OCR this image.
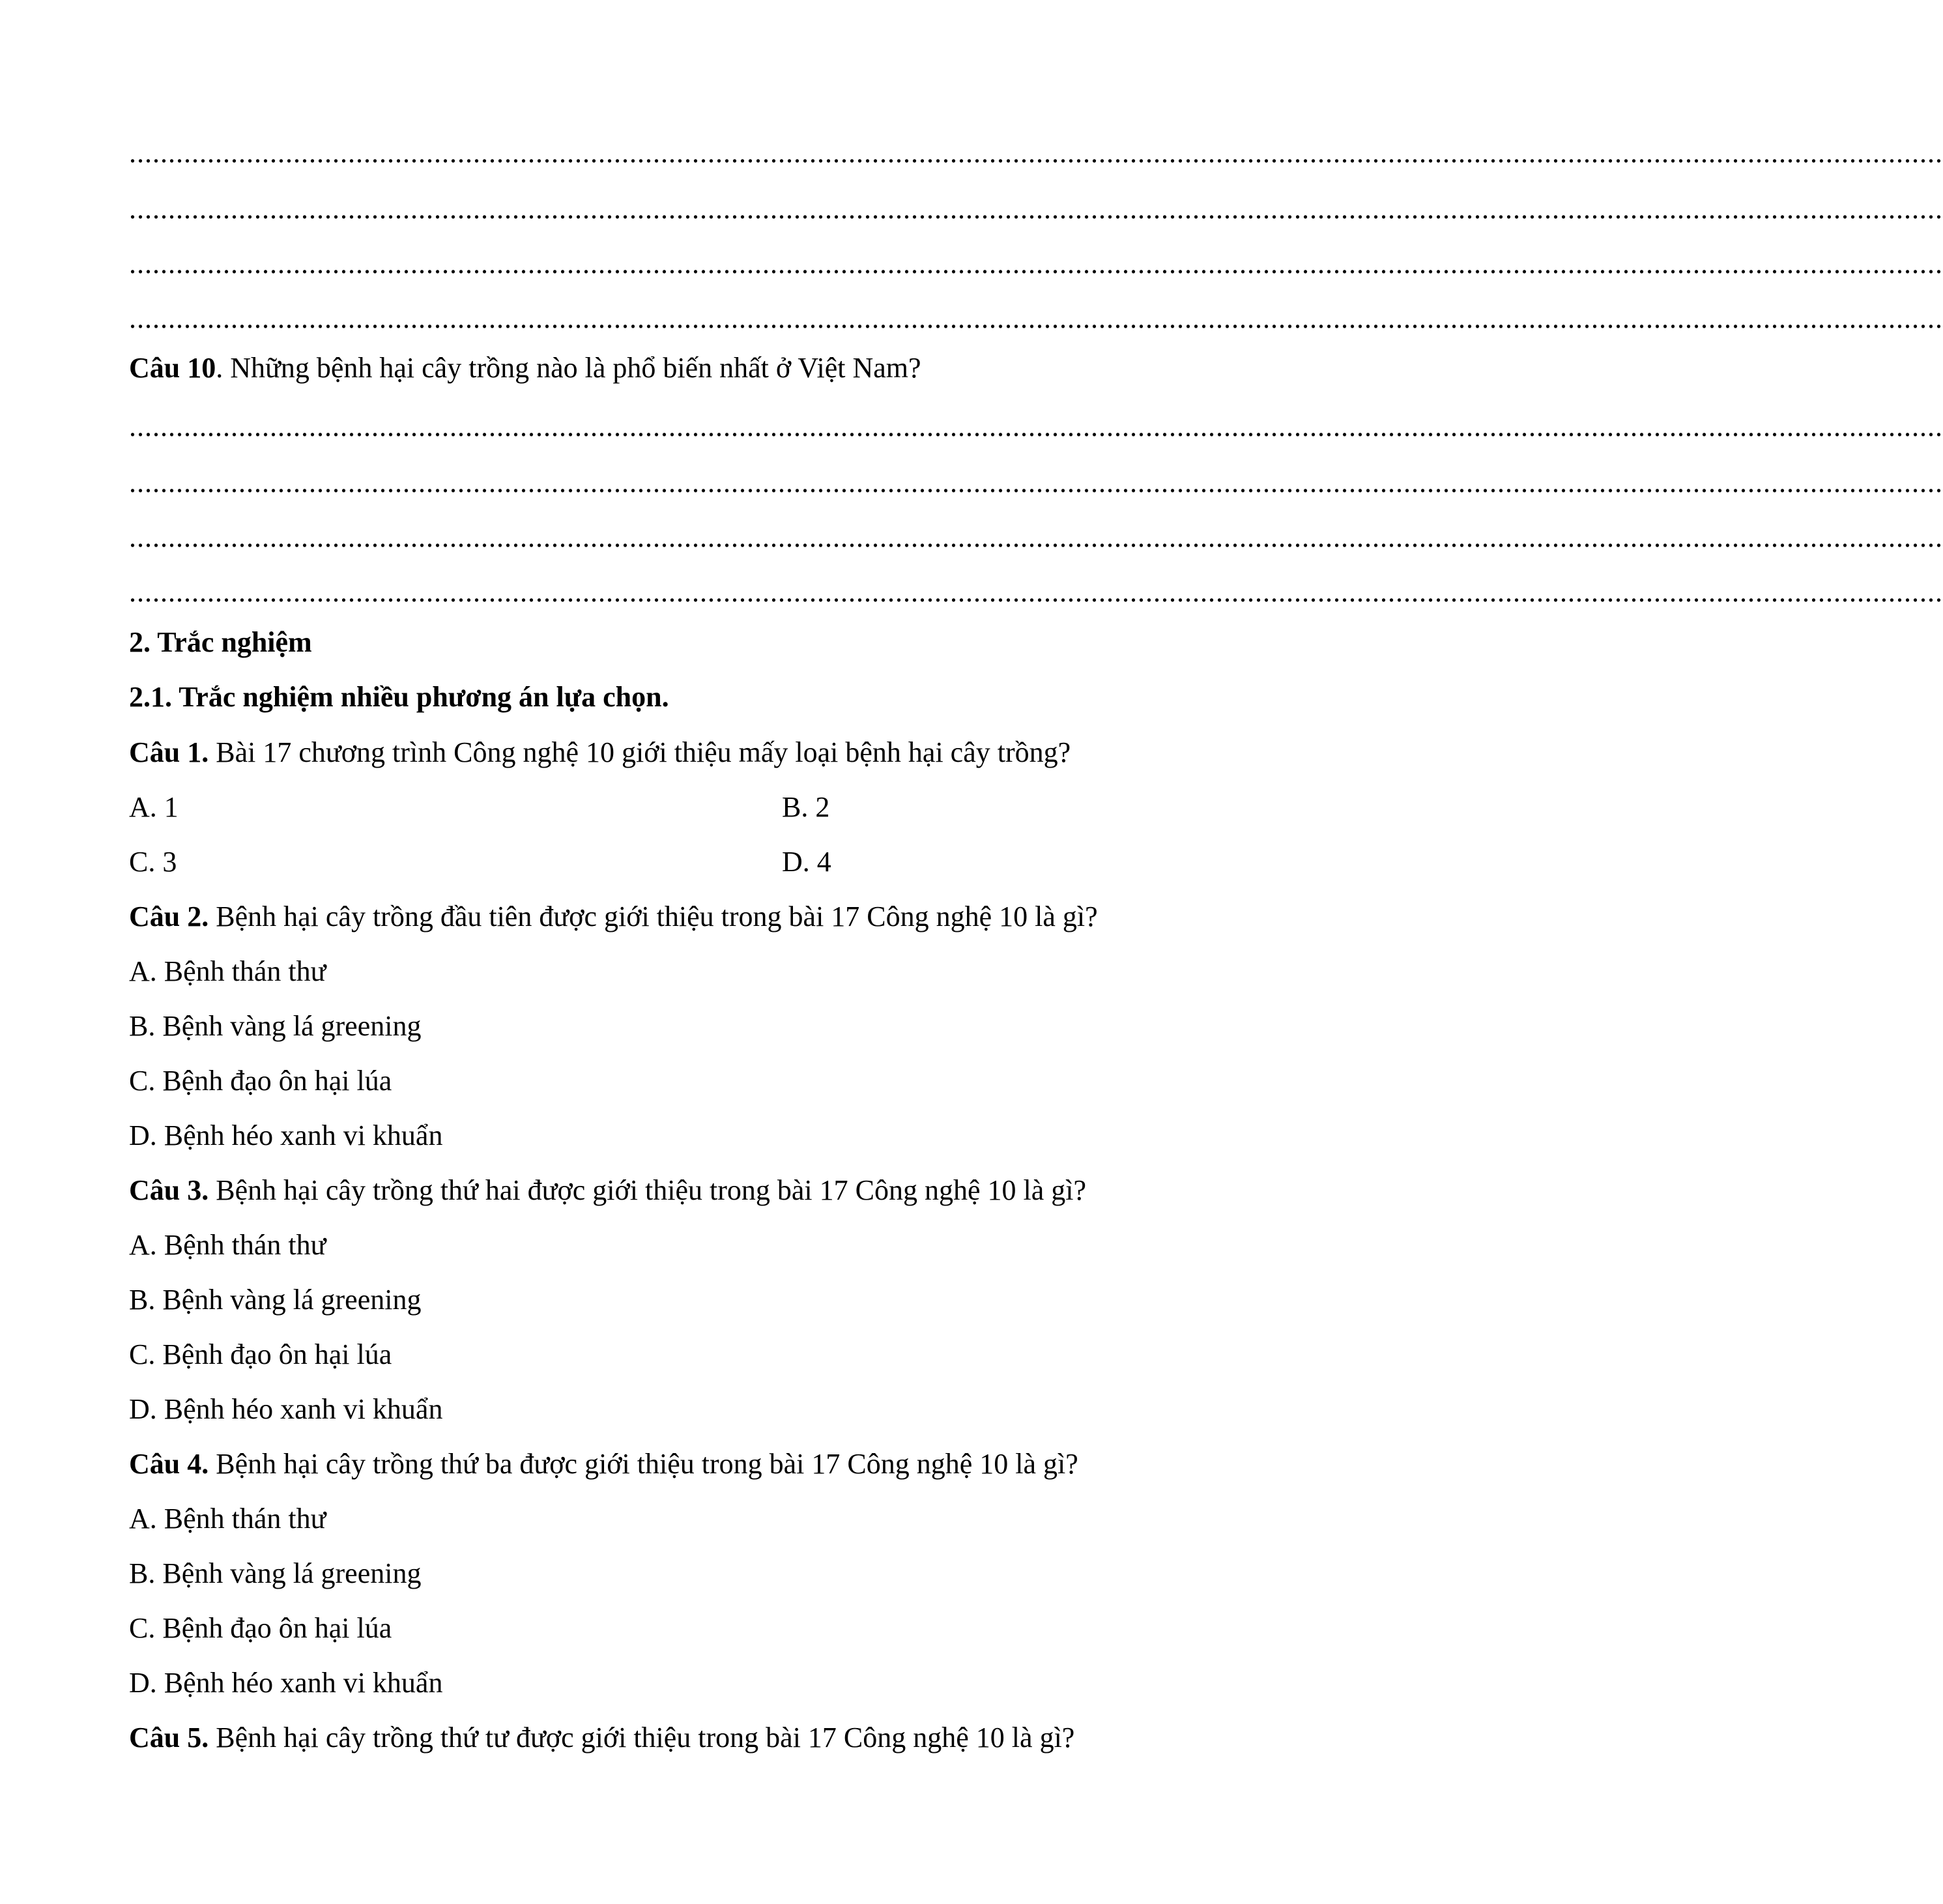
........................................................................................................................................................................................................................................
........................................................................................................................................................................................................................................
........................................................................................................................................................................................................................................
........................................................................................................................................................................................................................................
Câu 10. Những bệnh hại cây trồng nào là phổ biến nhất ở Việt Nam?
........................................................................................................................................................................................................................................
........................................................................................................................................................................................................................................
........................................................................................................................................................................................................................................
........................................................................................................................................................................................................................................
2. Trắc nghiệm
2.1. Trắc nghiệm nhiều phương án lựa chọn.
Câu 1. Bài 17 chương trình Công nghệ 10 giới thiệu mấy loại bệnh hại cây trồng?
A. 1	B. 2
C. 3	D. 4
Câu 2. Bệnh hại cây trồng đầu tiên được giới thiệu trong bài 17 Công nghệ 10 là gì?
A. Bệnh thán thư
B. Bệnh vàng lá greening
C. Bệnh đạo ôn hại lúa
D. Bệnh héo xanh vi khuẩn
Câu 3. Bệnh hại cây trồng thứ hai được giới thiệu trong bài 17 Công nghệ 10 là gì?
A. Bệnh thán thư
B. Bệnh vàng lá greening
C. Bệnh đạo ôn hại lúa
D. Bệnh héo xanh vi khuẩn
Câu 4. Bệnh hại cây trồng thứ ba được giới thiệu trong bài 17 Công nghệ 10 là gì?
A. Bệnh thán thư
B. Bệnh vàng lá greening
C. Bệnh đạo ôn hại lúa
D. Bệnh héo xanh vi khuẩn
Câu 5. Bệnh hại cây trồng thứ tư được giới thiệu trong bài 17 Công nghệ 10 là gì?
